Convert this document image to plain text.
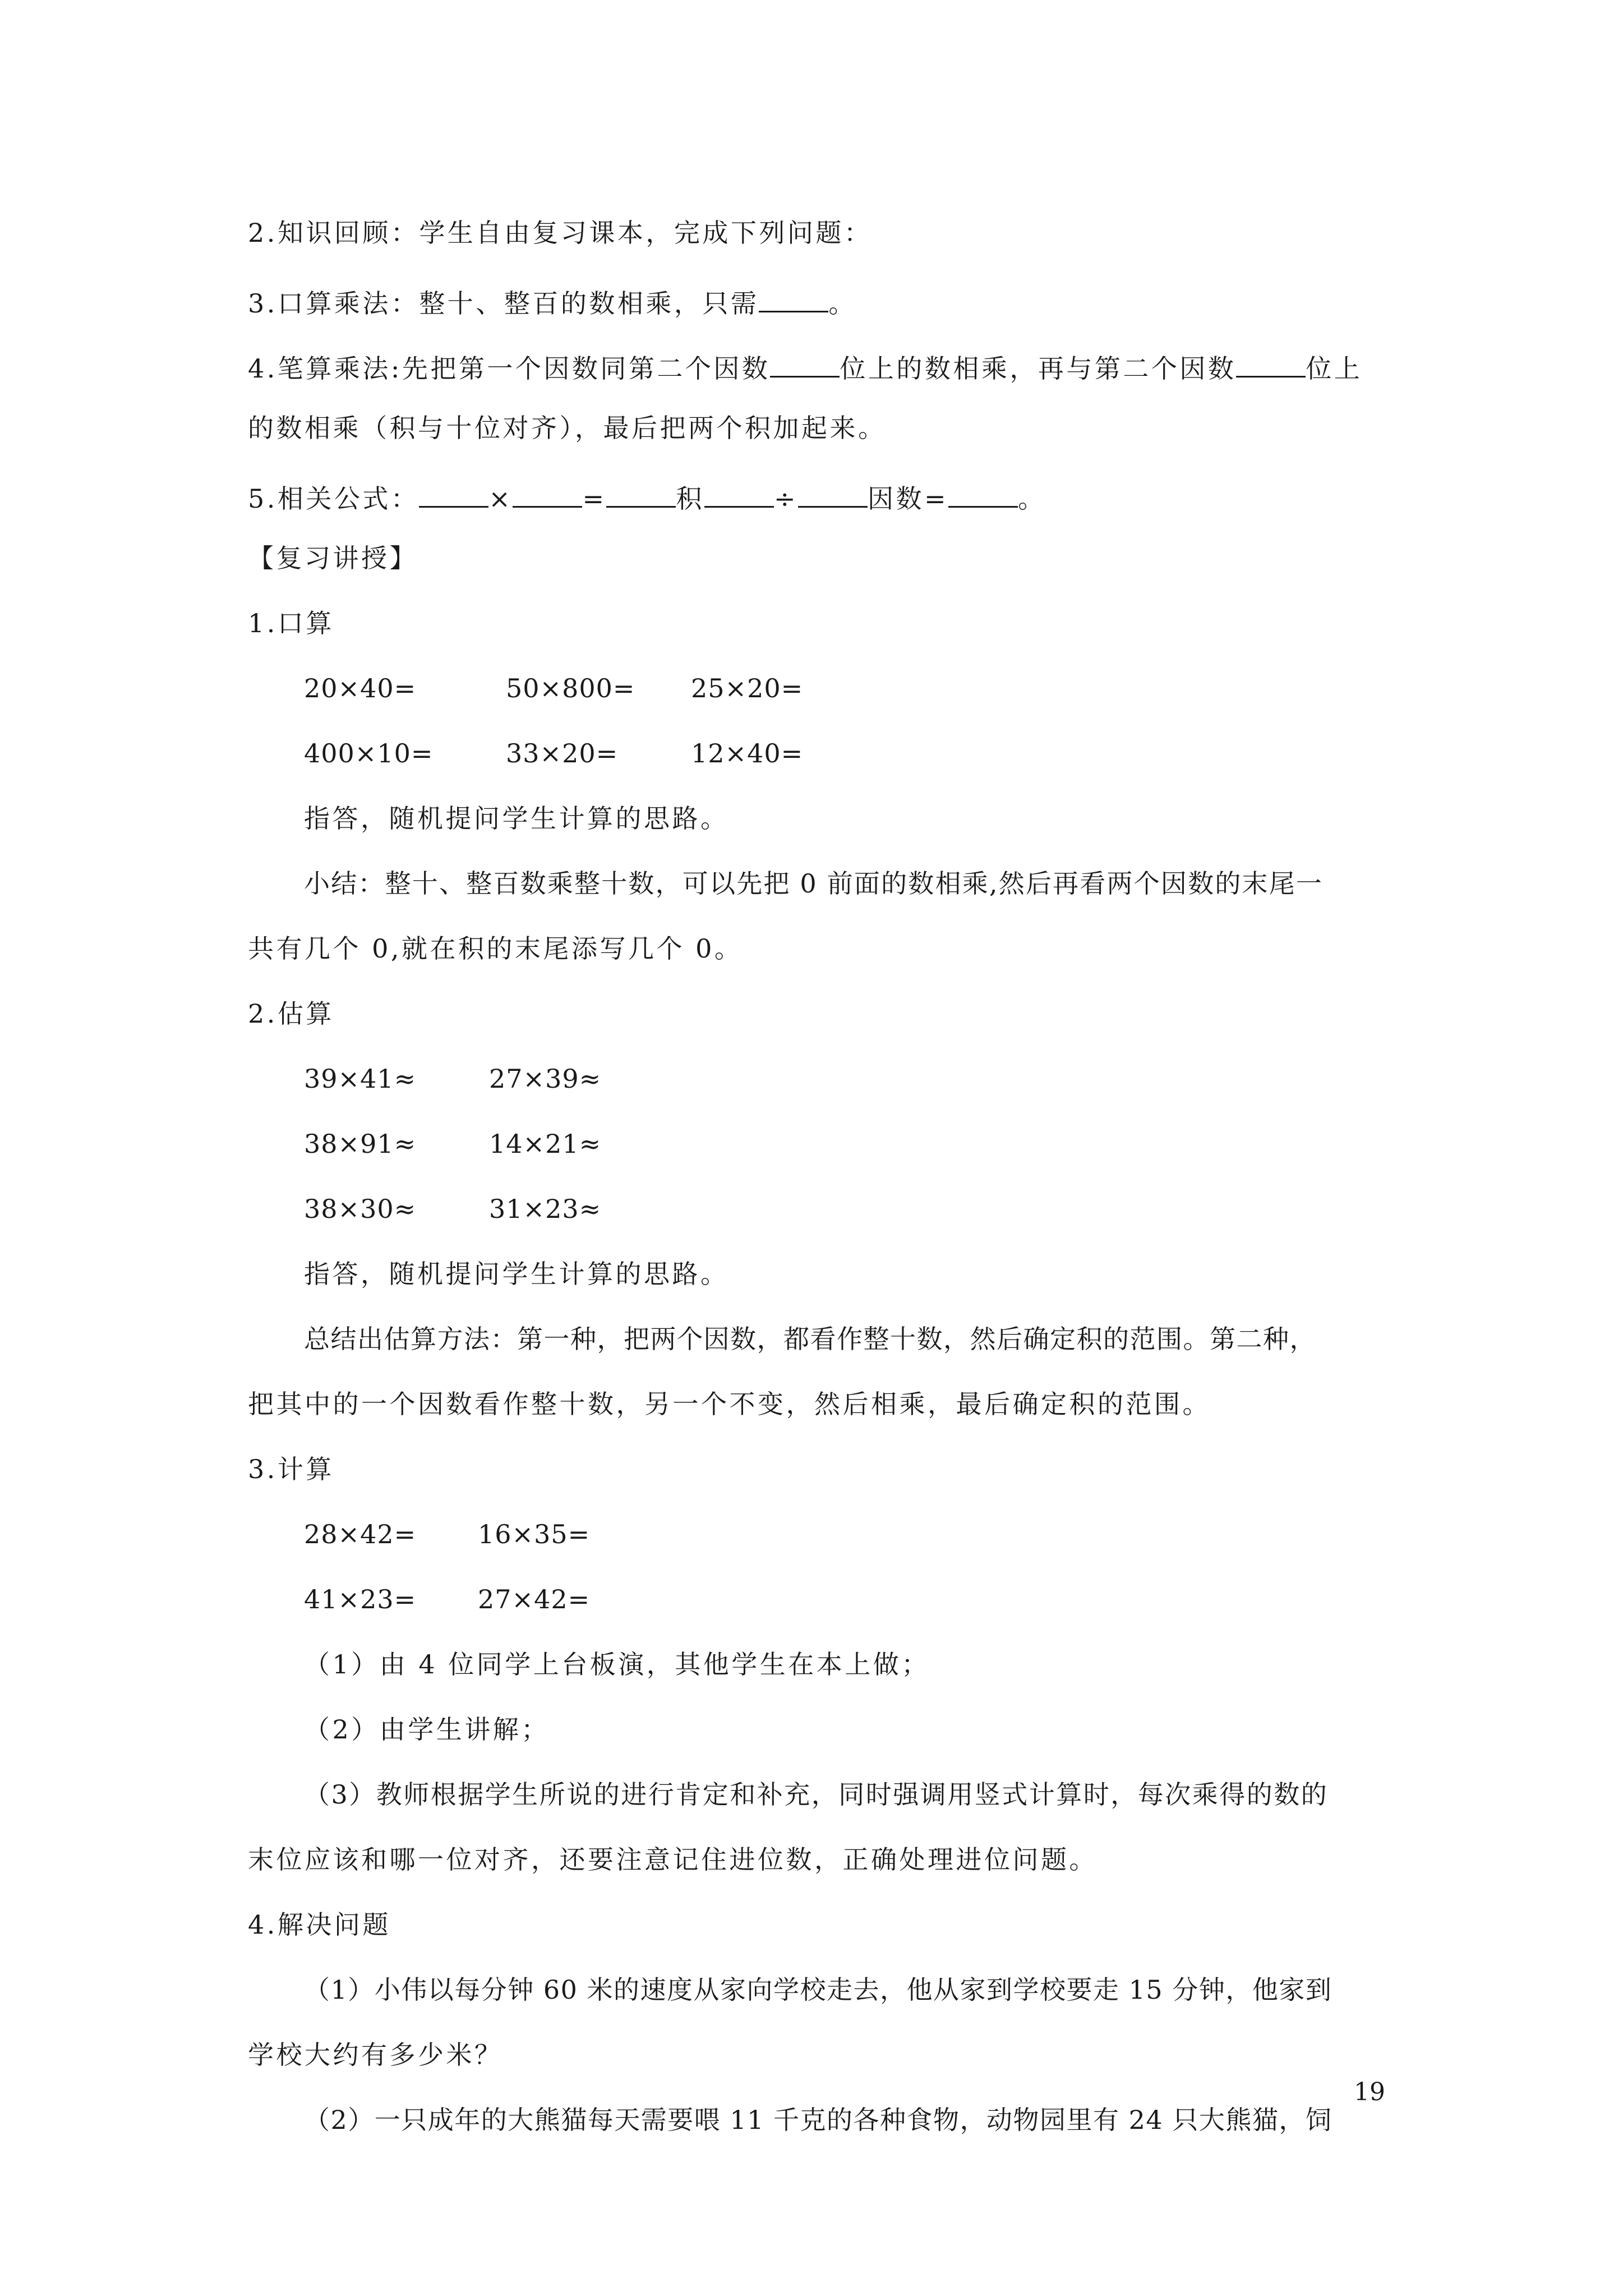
2.知识回顾：学生自由复习课本，完成下列问题：
3.口算乘法：整十、整百的数相乘，只需	。
4.笔算乘法:先把第一个因数同第二个因数	位上的数相乘，再与第二个因数	位上
的数相乘（积与十位对齐），最后把两个积加起来。
5.相关公式：	×	=	积	÷	因数=	。
【复习讲授】
1.口算
20×40=	50×800= 25×20=
400×10=	33×20=	12×40=
指答，随机提问学生计算的思路。
小结：整十、整百数乘整十数，可以先把 0 前面的数相乘,然后再看两个因数的末尾一
共有几个 0,就在积的末尾添写几个 0。
2.估算
39×41≈	27×39≈
38×91≈	14×21≈
38×30≈	31×23≈
指答，随机提问学生计算的思路。
总结出估算方法：第一种，把两个因数，都看作整十数，然后确定积的范围。第二种，
把其中的一个因数看作整十数，另一个不变，然后相乘，最后确定积的范围。
3.计算
28×42= 16×35=
41×23= 27×42=
（1）由 4 位同学上台板演，其他学生在本上做；
（2）由学生讲解；
（3）教师根据学生所说的进行肯定和补充，同时强调用竖式计算时，每次乘得的数的
末位应该和哪一位对齐，还要注意记住进位数，正确处理进位问题。
4.解决问题
（1）小伟以每分钟 60 米的速度从家向学校走去，他从家到学校要走 15 分钟，他家到
学校大约有多少米？
（2）一只成年的大熊猫每天需要喂 11 千克的各种食物，动物园里有 24 只大熊猫，饲
19
